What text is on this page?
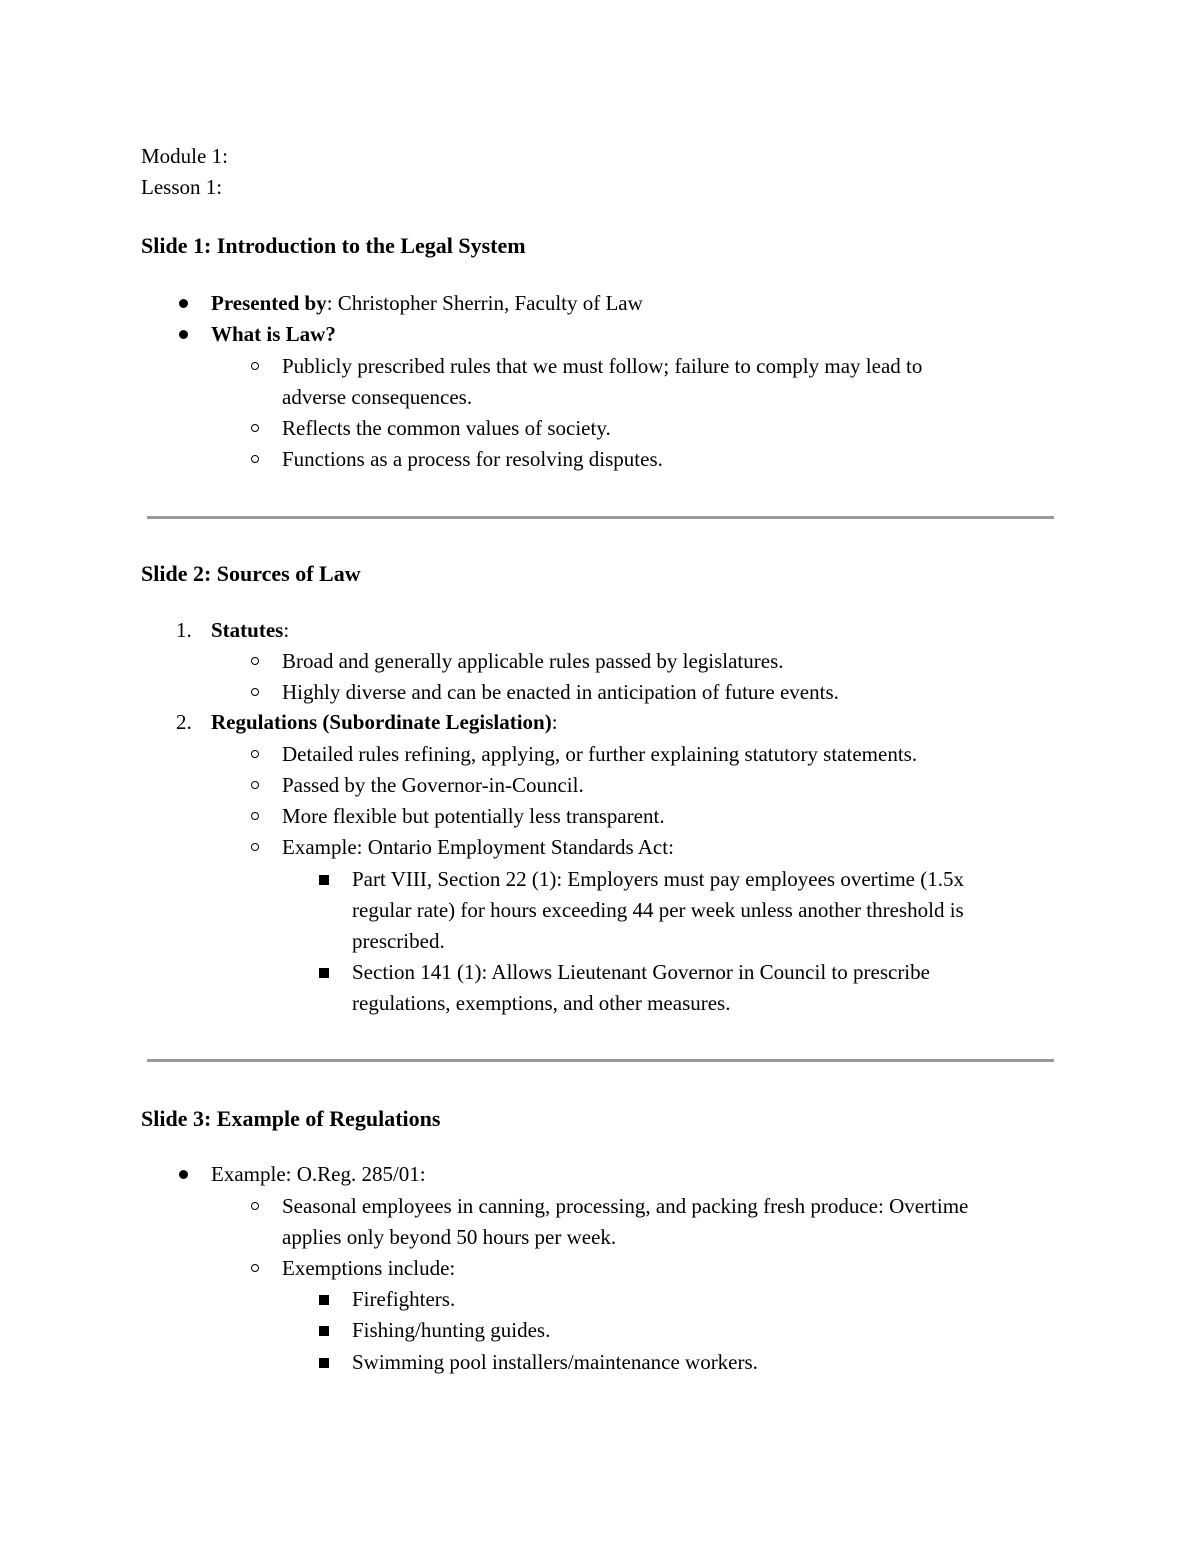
Module 1:
Lesson 1:
Slide 1: Introduction to the Legal System
Presented by: Christopher Sherrin, Faculty of Law
What is Law?
Publicly prescribed rules that we must follow; failure to comply may lead to
adverse consequences.
Reflects the common values of society.
Functions as a process for resolving disputes.
Slide 2: Sources of Law
1. Statutes:
Broad and generally applicable rules passed by legislatures.
Highly diverse and can be enacted in anticipation of future events.
2. Regulations (Subordinate Legislation):
Detailed rules refining, applying, or further explaining statutory statements.
Passed by the Governor-in-Council.
More flexible but potentially less transparent.
Example: Ontario Employment Standards Act:
Part VIII, Section 22 (1): Employers must pay employees overtime (1.5x
regular rate) for hours exceeding 44 per week unless another threshold is
prescribed.
Section 141 (1): Allows Lieutenant Governor in Council to prescribe
regulations, exemptions, and other measures.
Slide 3: Example of Regulations
Example: O.Reg. 285/01:
Seasonal employees in canning, processing, and packing fresh produce: Overtime
applies only beyond 50 hours per week.
Exemptions include:
Firefighters.
Fishing/hunting guides.
Swimming pool installers/maintenance workers.
